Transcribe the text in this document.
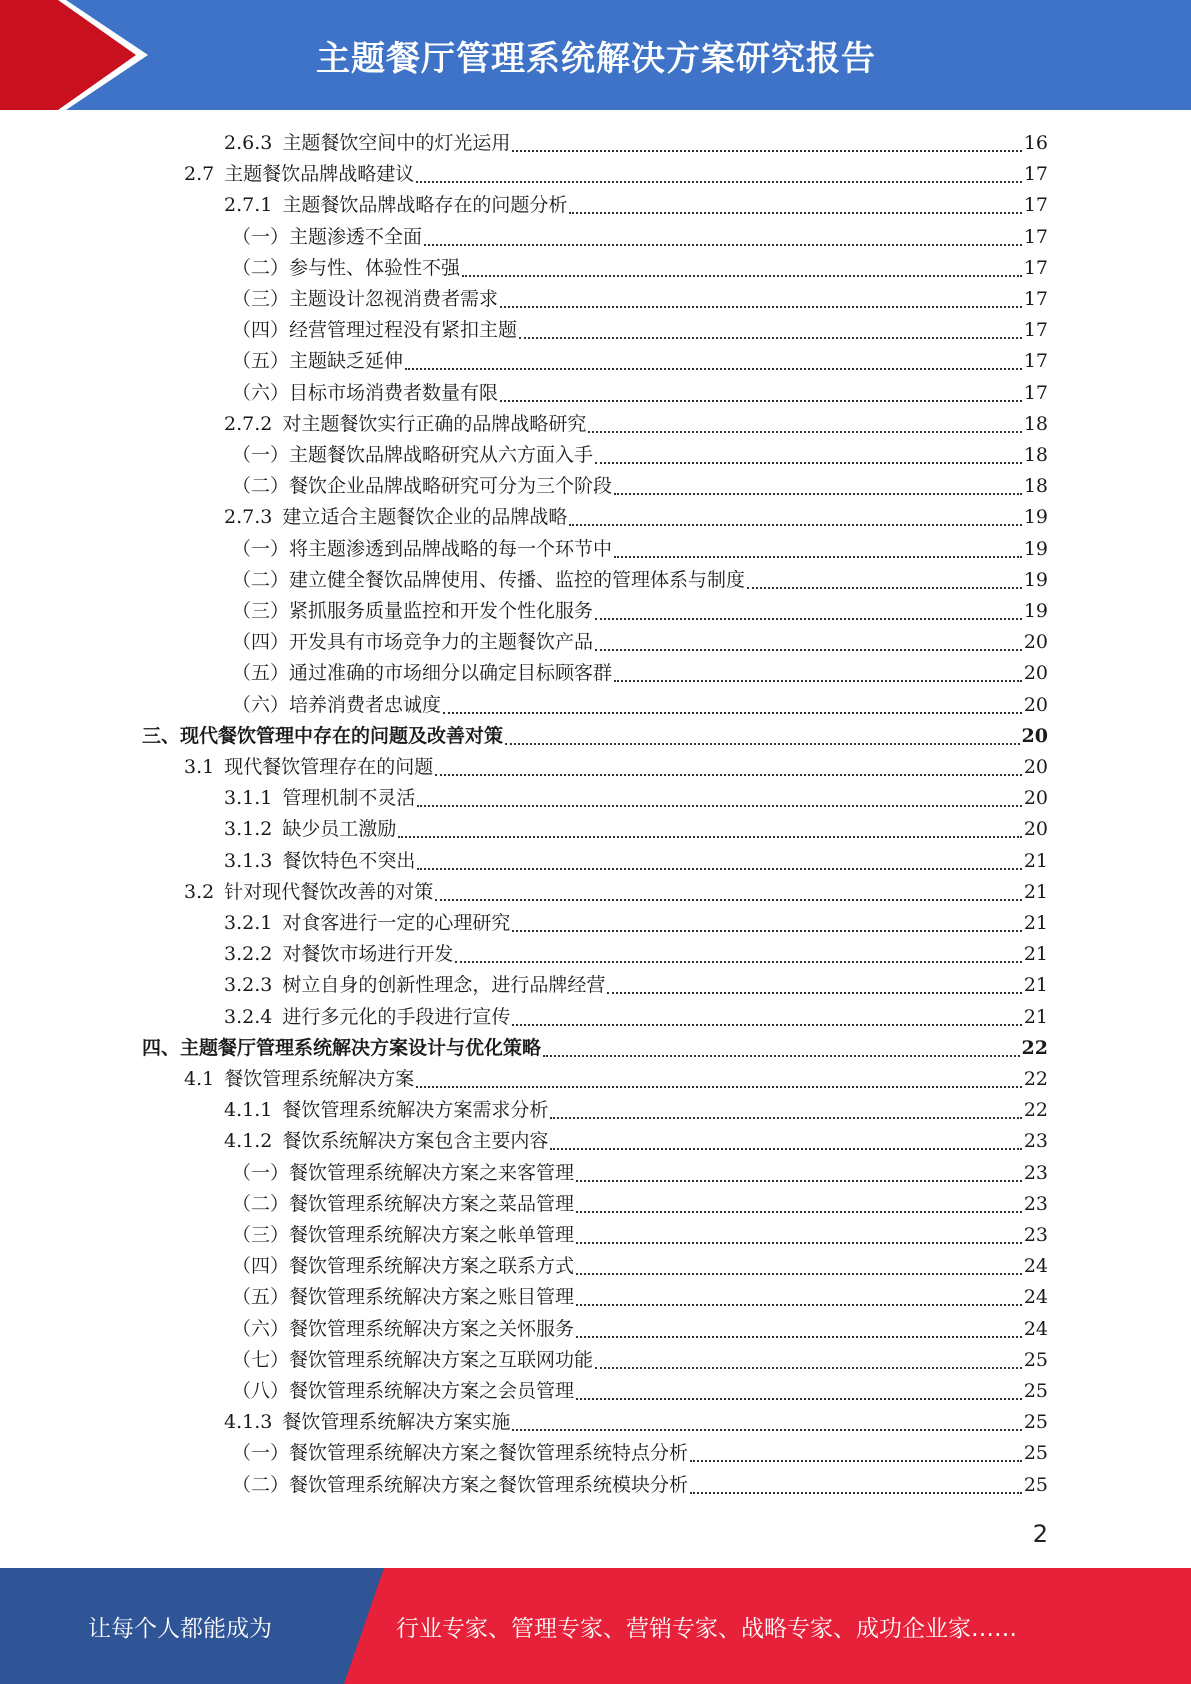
主题餐厅管理系统解决方案研究报告
2.6.3 主题餐饮空间中的灯光运用	16
2.7 主题餐饮品牌战略建议	17
2.7.1 主题餐饮品牌战略存在的问题分析	17
（一）主题渗透不全面	17
（二）参与性、体验性不强	17
（三）主题设计忽视消费者需求	17
（四）经营管理过程没有紧扣主题	17
（五）主题缺乏延伸	17
（六）目标市场消费者数量有限	17
2.7.2 对主题餐饮实行正确的品牌战略研究	18
（一）主题餐饮品牌战略研究从六方面入手	18
（二）餐饮企业品牌战略研究可分为三个阶段	18
2.7.3 建立适合主题餐饮企业的品牌战略	19
（一）将主题渗透到品牌战略的每一个环节中	19
（二）建立健全餐饮品牌使用、传播、监控的管理体系与制度	19
（三）紧抓服务质量监控和开发个性化服务	19
（四）开发具有市场竞争力的主题餐饮产品	20
（五）通过准确的市场细分以确定目标顾客群	20
（六）培养消费者忠诚度	20
三、现代餐饮管理中存在的问题及改善对策	20
3.1 现代餐饮管理存在的问题	20
3.1.1 管理机制不灵活	20
3.1.2 缺少员工激励	20
3.1.3 餐饮特色不突出	21
3.2 针对现代餐饮改善的对策	21
3.2.1 对食客进行一定的心理研究	21
3.2.2 对餐饮市场进行开发	21
3.2.3 树立自身的创新性理念，进行品牌经营	21
3.2.4 进行多元化的手段进行宣传	21
四、主题餐厅管理系统解决方案设计与优化策略	22
4.1 餐饮管理系统解决方案	22
4.1.1 餐饮管理系统解决方案需求分析	22
4.1.2 餐饮系统解决方案包含主要内容	23
（一）餐饮管理系统解决方案之来客管理	23
（二）餐饮管理系统解决方案之菜品管理	23
（三）餐饮管理系统解决方案之帐单管理	23
（四）餐饮管理系统解决方案之联系方式	24
（五）餐饮管理系统解决方案之账目管理	24
（六）餐饮管理系统解决方案之关怀服务	24
（七）餐饮管理系统解决方案之互联网功能	25
（八）餐饮管理系统解决方案之会员管理	25
4.1.3 餐饮管理系统解决方案实施	25
（一）餐饮管理系统解决方案之餐饮管理系统特点分析	25
（二）餐饮管理系统解决方案之餐饮管理系统模块分析	25
2
让每个人都能成为	行业专家、管理专家、营销专家、战略专家、成功企业家……
